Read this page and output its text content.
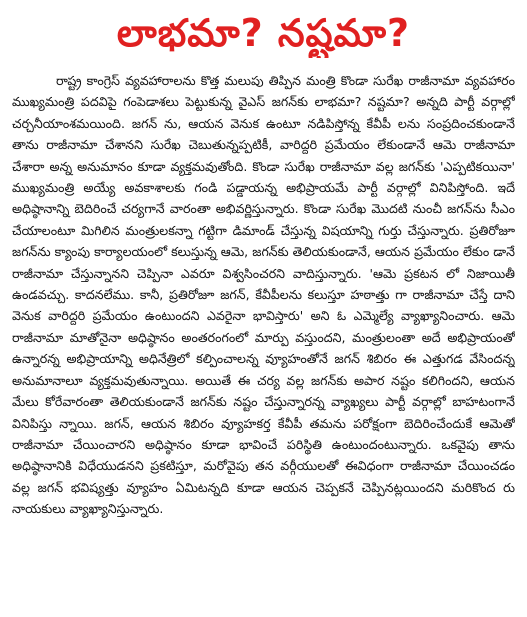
లాభమా? నష్టమా?

రాష్ట్ర కాంగ్రెస్ వ్యవహారాలను కొత్త మలుపు తిప్పిన మంత్రి కొండా సురేఖ రాజీనామా వ్యవహారం ముఖ్యమంత్రి పదవిపై గంపెడాశలు పెట్టుకున్న వైఎస్ జగన్‌కు లాభమా? నష్టమా? అన్నది పార్టీ వర్గాల్లో చర్చనీయాంశమయింది. జగన్ ను, ఆయన వెనుక ఉంటూ నడిపిస్తోన్న కేవీపీ లను సంప్రదించకుండానే తాను రాజీనామా చేశానని సురేఖ చెబుతున్నప్పటికీ, వారిద్దరి ప్రమేయం లేకుండానే ఆమె రాజీనామా చేశారా అన్న అనుమానం కూడా వ్యక్తమవుతోంది. కొండా సురేఖ రాజీనామా వల్ల జగన్‌కు 'ఎప్పటికయినా' ముఖ్యమంత్రి అయ్యే అవకాశాలకు గండి పడ్డాయన్న అభిప్రాయమే పార్టీ వర్గాల్లో వినిపిస్తోంది. ఇదే అధిష్ఠానాన్ని బెదిరించే చర్యగానే వారంతా అభివర్ణిస్తున్నారు. కొండా సురేఖ మొదటి నుంచీ జగన్‌ను సీఎం చేయాలంటూ మిగిలిన మంత్రులకన్నా గట్టిగా డిమాండ్ చేస్తున్న విషయాన్ని గుర్తు చేస్తున్నారు. ప్రతిరోజూ జగన్‌ను క్యాంపు కార్యాలయంలో కలుస్తున్న ఆమె, జగన్‌కు తెలియకుండానే, ఆయన ప్రమేయం లేకుం డానే రాజీనామా చేస్తున్నానని చెప్పినా ఎవరూ విశ్వసించరని వాదిస్తున్నారు. 'ఆమె ప్రకటన లో నిజాయితీ ఉండవచ్చు. కాదనలేము. కానీ, ప్రతిరోజూ జగన్, కేవీపీలను కలుస్తూ హఠాత్తు గా రాజీనామా చేస్తే దాని వెనుక వారిద్దరి ప్రమేయం ఉంటుందని ఎవరైనా భావిస్తారు' అని ఓ ఎమ్మెల్యే వ్యాఖ్యానించారు. ఆమె రాజీనామా మాతోనైనా అధిష్ఠానం అంతరంగంలో మార్పు వస్తుందని, మంత్రులంతా అదే అభిప్రాయంతో ఉన్నారన్న అభిప్రాయాన్ని అధినేత్రిలో కల్పించాలన్న వ్యూహంతోనే జగన్ శిబిరం ఈ ఎత్తుగడ వేసిందన్న అనుమానాలూ వ్యక్తమవుతున్నాయి. అయితే ఈ చర్య వల్ల జగన్‌కు అపార నష్టం కలిగిందని, ఆయన మేలు కోరేవారంతా తెలియకుండానే జగన్‌కు నష్టం చేస్తున్నారన్న వ్యాఖ్యలు పార్టీ వర్గాల్లో బాహటంగానే వినిపిస్తు న్నాయి. జగన్, ఆయన శిబిరం వ్యూహకర్త కేవీపీ తమను పరోక్షంగా బెదిరించేందుకే ఆమెతో రాజీనామా చేయించారని అధిష్ఠానం కూడా భావించే పరిస్థితి ఉంటుందంటున్నారు. ఒకవైపు తాను అధిష్ఠానానికి విధేయుడనని ప్రకటిస్తూ, మరోవైపు తన వర్గీయులతో ఈవిధంగా రాజీనామా చేయించడం వల్ల జగన్ భవిష్యత్తు వ్యూహం ఏమిటన్నది కూడా ఆయన చెప్పకనే చెప్పినట్లయిందని మరికొంద రు నాయకులు వ్యాఖ్యానిస్తున్నారు.
